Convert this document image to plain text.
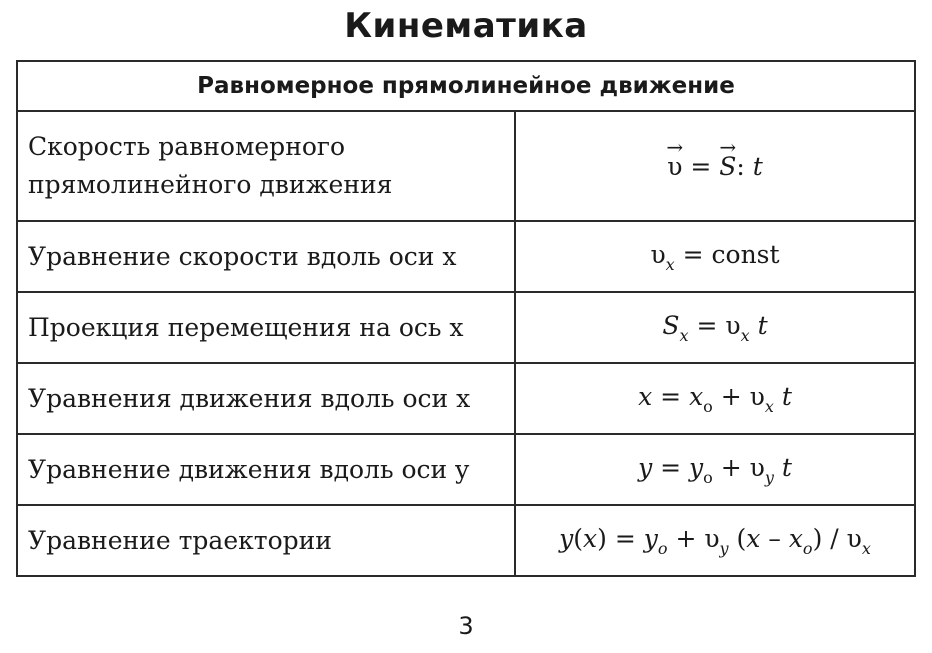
Кинематика
Равномерное прямолинейное движение	
Скорость равномерного
прямолинейного движения	→ υ = → S: t
Уравнение скорости вдоль оси x	$\upsilon_x$ = const
Проекция перемещения на ось x	$S_x = \upsilon_x$ t
Уравнения движения вдоль оси x	$x = x_o + \upsilon_x$ t
Уравнение движения вдоль оси y	$y = y_o + \upsilon_y$ t
Уравнение траектории	$y(x) = y_o + \upsilon_y$ $(x - x_o) / \upsilon_x$
3
